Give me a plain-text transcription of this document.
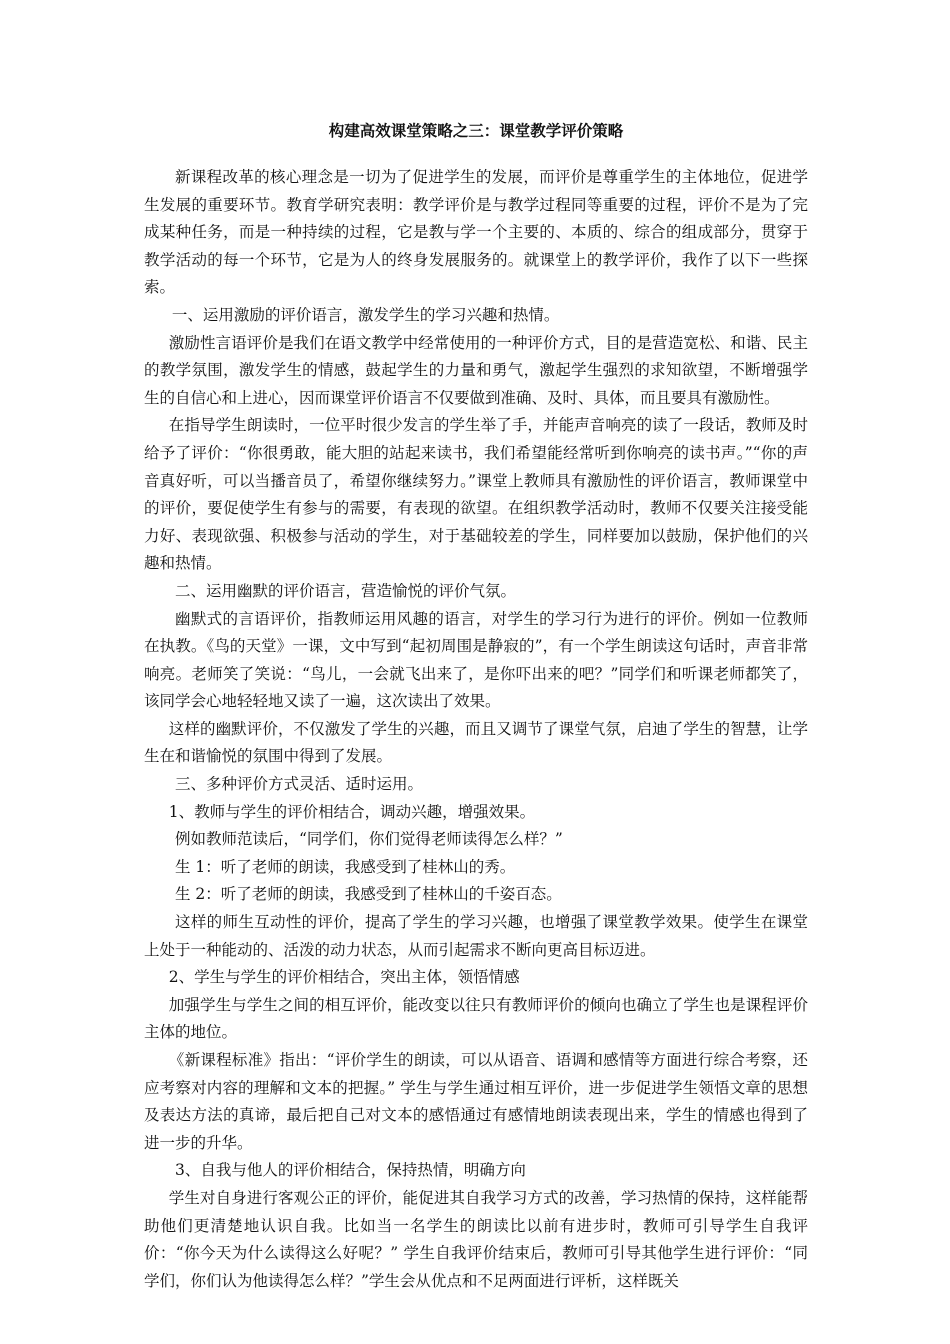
构建高效课堂策略之三：课堂教学评价策略

新课程改革的核心理念是一切为了促进学生的发展，而评价是尊重学生的主体地位，促进学生发展的重要环节。教育学研究表明：教学评价是与教学过程同等重要的过程，评价不是为了完成某种任务，而是一种持续的过程，它是教与学一个主要的、本质的、综合的组成部分，贯穿于教学活动的每一个环节，它是为人的终身发展服务的。就课堂上的教学评价，我作了以下一些探索。

一、运用激励的评价语言，激发学生的学习兴趣和热情。

激励性言语评价是我们在语文教学中经常使用的一种评价方式，目的是营造宽松、和谐、民主的教学氛围，激发学生的情感，鼓起学生的力量和勇气，激起学生强烈的求知欲望，不断增强学生的自信心和上进心，因而课堂评价语言不仅要做到准确、及时、具体，而且要具有激励性。

在指导学生朗读时，一位平时很少发言的学生举了手，并能声音响亮的读了一段话，教师及时给予了评价：“你很勇敢，能大胆的站起来读书，我们希望能经常听到你响亮的读书声。”“你的声音真好听，可以当播音员了，希望你继续努力。”课堂上教师具有激励性的评价语言，教师课堂中的评价，要促使学生有参与的需要，有表现的欲望。在组织教学活动时，教师不仅要关注接受能力好、表现欲强、积极参与活动的学生，对于基础较差的学生，同样要加以鼓励，保护他们的兴趣和热情。

二、运用幽默的评价语言，营造愉悦的评价气氛。

幽默式的言语评价，指教师运用风趣的语言，对学生的学习行为进行的评价。例如一位教师在执教。《鸟的天堂》一课，文中写到“起初周围是静寂的”，有一个学生朗读这句话时，声音非常响亮。老师笑了笑说：“鸟儿，一会就飞出来了，是你吓出来的吧？”同学们和听课老师都笑了，该同学会心地轻轻地又读了一遍，这次读出了效果。

这样的幽默评价，不仅激发了学生的兴趣，而且又调节了课堂气氛，启迪了学生的智慧，让学生在和谐愉悦的氛围中得到了发展。

三、多种评价方式灵活、适时运用。

1、教师与学生的评价相结合，调动兴趣，增强效果。

例如教师范读后，“同学们，你们觉得老师读得怎么样？”

生 1：听了老师的朗读，我感受到了桂林山的秀。

生 2：听了老师的朗读，我感受到了桂林山的千姿百态。

这样的师生互动性的评价，提高了学生的学习兴趣，也增强了课堂教学效果。使学生在课堂上处于一种能动的、活泼的动力状态，从而引起需求不断向更高目标迈进。

2、学生与学生的评价相结合，突出主体，领悟情感

加强学生与学生之间的相互评价，能改变以往只有教师评价的倾向也确立了学生也是课程评价主体的地位。

《新课程标准》指出：“评价学生的朗读，可以从语音、语调和感情等方面进行综合考察，还应考察对内容的理解和文本的把握。” 学生与学生通过相互评价，进一步促进学生领悟文章的思想及表达方法的真谛，最后把自己对文本的感悟通过有感情地朗读表现出来，学生的情感也得到了进一步的升华。

3、自我与他人的评价相结合，保持热情，明确方向

学生对自身进行客观公正的评价，能促进其自我学习方式的改善，学习热情的保持，这样能帮助他们更清楚地认识自我。比如当一名学生的朗读比以前有进步时，教师可引导学生自我评价：“你今天为什么读得这么好呢？” 学生自我评价结束后，教师可引导其他学生进行评价：“同学们，你们认为他读得怎么样？”学生会从优点和不足两面进行评析，这样既关
